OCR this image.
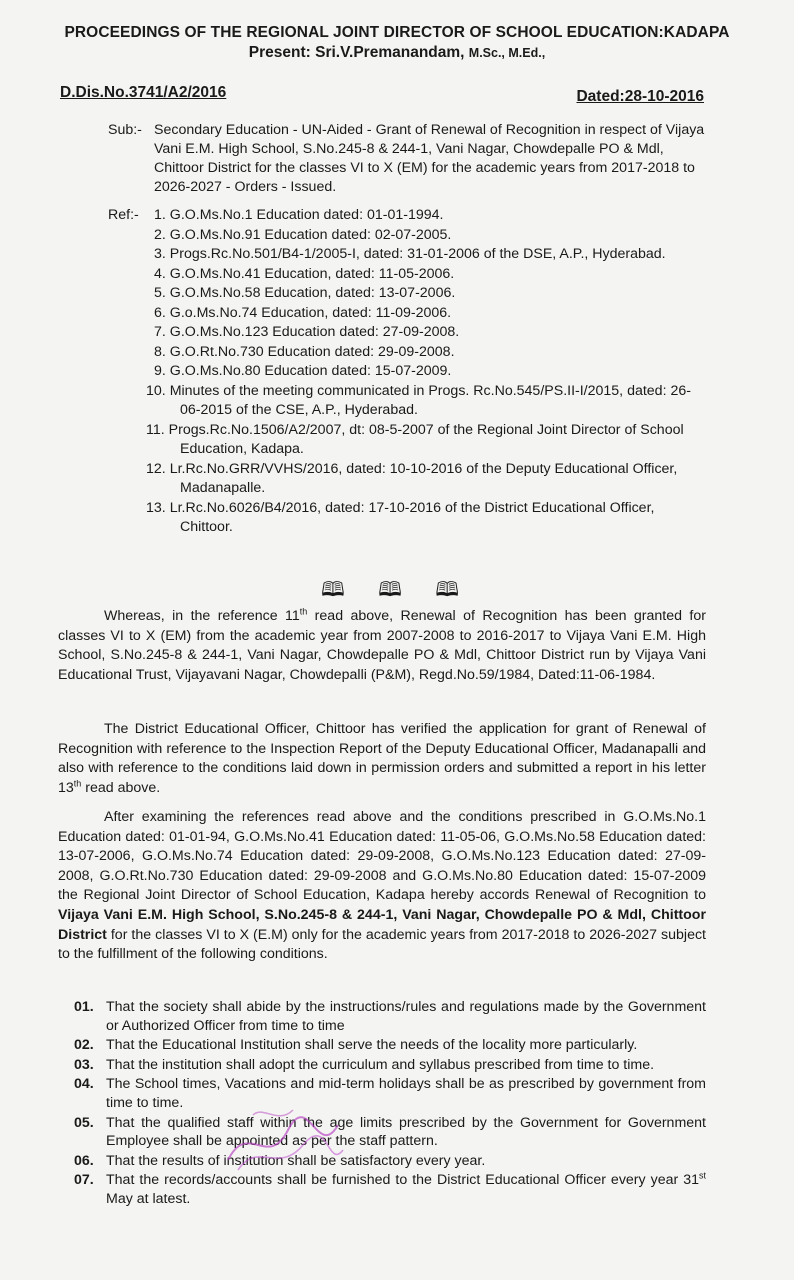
PROCEEDINGS OF THE REGIONAL JOINT DIRECTOR OF SCHOOL EDUCATION:KADAPA
Present: Sri.V.Premanandam, M.Sc., M.Ed.,
D.Dis.No.3741/A2/2016	Dated:28-10-2016
Sub:- Secondary Education - UN-Aided - Grant of Renewal of Recognition in respect of Vijaya Vani E.M. High School, S.No.245-8 & 244-1, Vani Nagar, Chowdepalle PO & Mdl, Chittoor District for the classes VI to X (EM) for the academic years from 2017-2018 to 2026-2027 - Orders - Issued.
Ref:-	1. G.O.Ms.No.1 Education dated: 01-01-1994.
2. G.O.Ms.No.91 Education dated: 02-07-2005.
3. Progs.Rc.No.501/B4-1/2005-I, dated: 31-01-2006 of the DSE, A.P., Hyderabad.
4. G.O.Ms.No.41 Education, dated: 11-05-2006.
5. G.O.Ms.No.58 Education, dated: 13-07-2006.
6. G.o.Ms.No.74 Education, dated: 11-09-2006.
7. G.O.Ms.No.123 Education dated: 27-09-2008.
8. G.O.Rt.No.730 Education dated: 29-09-2008.
9. G.O.Ms.No.80 Education dated: 15-07-2009.
10. Minutes of the meeting communicated in Progs. Rc.No.545/PS.II-I/2015, dated: 26-06-2015 of the CSE, A.P., Hyderabad.
11. Progs.Rc.No.1506/A2/2007, dt: 08-5-2007 of the Regional Joint Director of School Education, Kadapa.
12. Lr.Rc.No.GRR/VVHS/2016, dated: 10-10-2016 of the Deputy Educational Officer, Madanapalle.
13. Lr.Rc.No.6026/B4/2016, dated: 17-10-2016 of the District Educational Officer, Chittoor.
🕮 🕮 🕮
Whereas, in the reference 11th read above, Renewal of Recognition has been granted for classes VI to X (EM) from the academic year from 2007-2008 to 2016-2017 to Vijaya Vani E.M. High School, S.No.245-8 & 244-1, Vani Nagar, Chowdepalle PO & Mdl, Chittoor District run by Vijaya Vani Educational Trust, Vijayavani Nagar, Chowdepalli (P&M), Regd.No.59/1984, Dated:11-06-1984.
The District Educational Officer, Chittoor has verified the application for grant of Renewal of Recognition with reference to the Inspection Report of the Deputy Educational Officer, Madanapalli and also with reference to the conditions laid down in permission orders and submitted a report in his letter 13th read above.
After examining the references read above and the conditions prescribed in G.O.Ms.No.1 Education dated: 01-01-94, G.O.Ms.No.41 Education dated: 11-05-06, G.O.Ms.No.58 Education dated: 13-07-2006, G.O.Ms.No.74 Education dated: 29-09-2008, G.O.Ms.No.123 Education dated: 27-09-2008, G.O.Rt.No.730 Education dated: 29-09-2008 and G.O.Ms.No.80 Education dated: 15-07-2009 the Regional Joint Director of School Education, Kadapa hereby accords Renewal of Recognition to Vijaya Vani E.M. High School, S.No.245-8 & 244-1, Vani Nagar, Chowdepalle PO & Mdl, Chittoor District for the classes VI to X (E.M) only for the academic years from 2017-2018 to 2026-2027 subject to the fulfillment of the following conditions.
01. That the society shall abide by the instructions/rules and regulations made by the Government or Authorized Officer from time to time
02. That the Educational Institution shall serve the needs of the locality more particularly.
03. That the institution shall adopt the curriculum and syllabus prescribed from time to time.
04. The School times, Vacations and mid-term holidays shall be as prescribed by government from time to time.
05. That the qualified staff within the age limits prescribed by the Government for Government Employee shall be appointed as per the staff pattern.
06. That the results of institution shall be satisfactory every year.
07. That the records/accounts shall be furnished to the District Educational Officer every year 31st May at latest.
